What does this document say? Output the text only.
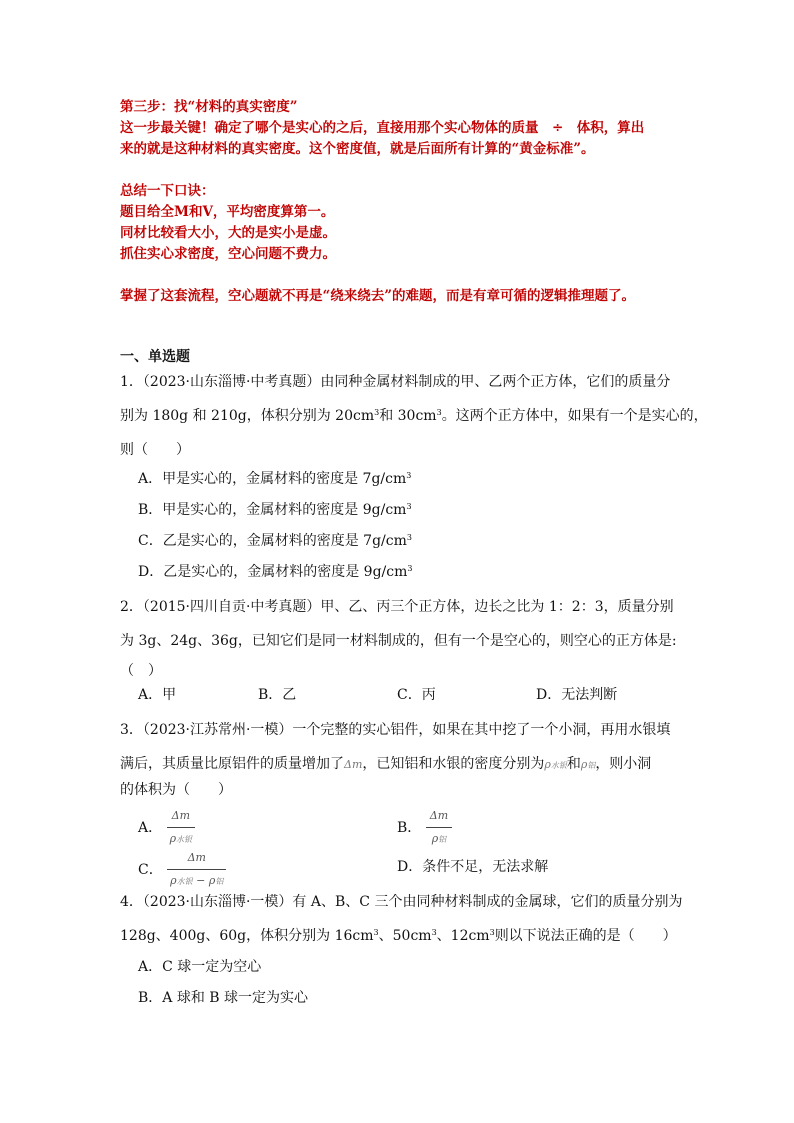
第三步：找“材料的真实密度”
这一步最关键！确定了哪个是实心的之后，直接用那个实心物体的质量　÷　体积，算出
来的就是这种材料的真实密度。这个密度值，就是后面所有计算的“黄金标准”。
总结一下口诀：
题目给全M和V，平均密度算第一。
同材比较看大小，大的是实小是虚。
抓住实心求密度，空心问题不费力。
掌握了这套流程，空心题就不再是“绕来绕去”的难题，而是有章可循的逻辑推理题了。
一、单选题
1．（2023·山东淄博·中考真题）由同种金属材料制成的甲、乙两个正方体，它们的质量分
别为 180g 和 210g，体积分别为 $20cm^3$和 $30cm^3$。这两个正方体中，如果有一个是实心的，
则（　　）
A．甲是实心的，金属材料的密度是 $7g/cm^3$
B．甲是实心的，金属材料的密度是 $9g/cm^3$
C．乙是实心的，金属材料的密度是 $7g/cm^3$
D．乙是实心的，金属材料的密度是 $9g/cm^3$
2．（2015·四川自贡·中考真题）甲、乙、丙三个正方体，边长之比为 1：2：3，质量分别
为 3g、24g、36g，已知它们是同一材料制成的，但有一个是空心的，则空心的正方体是:
（　）
A．甲	B．乙	C．丙	D．无法判断
3．（2023·江苏常州·一模）一个完整的实心铝件，如果在其中挖了一个小洞，再用水银填
满后，其质量比原铝件的质量增加了Δm，已知铝和水银的密度分别为ρ水银和ρ铝，则小洞
的体积为（　　）
A． $\frac{\Delta m}{\text{ρ水银}}$	B． $\frac{\Delta m}{\text{ρ铝}}$
C． $\frac{\Delta m}{\text{ρ水银 − ρ铝}}$	D．条件不足，无法求解
4．（2023·山东淄博·一模）有 A、B、C 三个由同种材料制成的金属球，它们的质量分别为
128g、400g、60g，体积分别为 $16cm^3$、$50cm^3$、$12cm^3$则以下说法正确的是（　　）
A．C 球一定为空心
B．A 球和 B 球一定为实心
